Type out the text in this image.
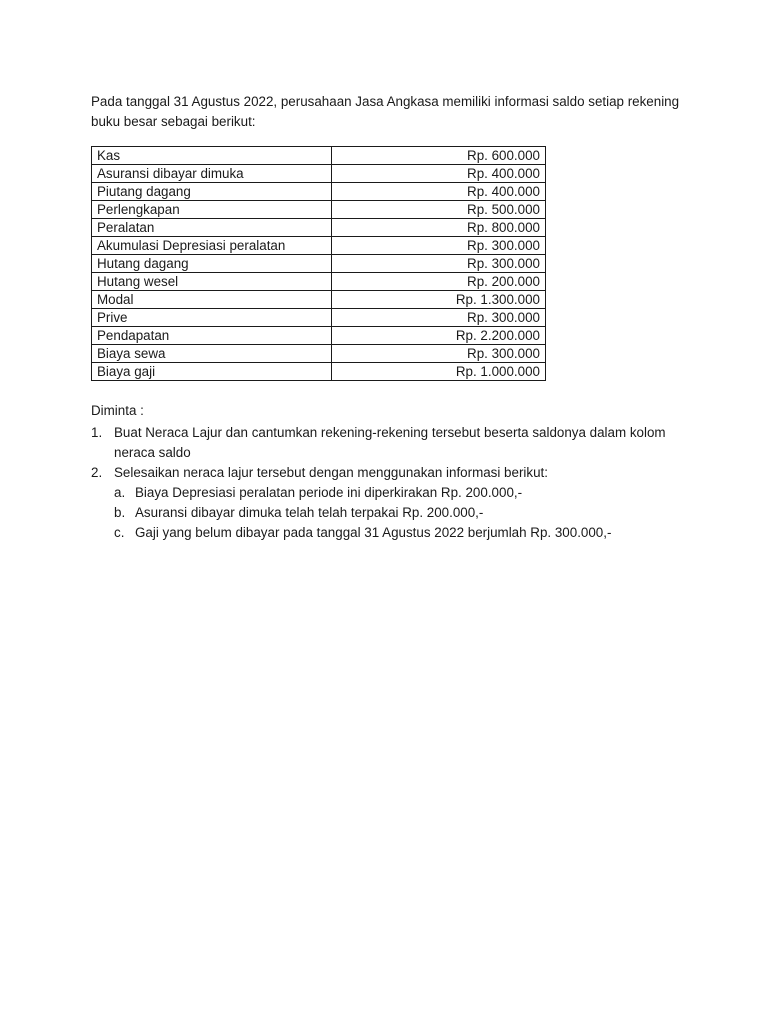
Pada tanggal 31 Agustus 2022, perusahaan Jasa Angkasa memiliki informasi saldo setiap rekening buku besar sebagai berikut:

Kas	Rp. 600.000
Asuransi dibayar dimuka	Rp. 400.000
Piutang dagang	Rp. 400.000
Perlengkapan	Rp. 500.000
Peralatan	Rp. 800.000
Akumulasi Depresiasi peralatan	Rp. 300.000
Hutang dagang	Rp. 300.000
Hutang wesel	Rp. 200.000
Modal	Rp. 1.300.000
Prive	Rp. 300.000
Pendapatan	Rp. 2.200.000
Biaya sewa	Rp. 300.000
Biaya gaji	Rp. 1.000.000

Diminta :

1. Buat Neraca Lajur dan cantumkan rekening-rekening tersebut beserta saldonya dalam kolom neraca saldo
2. Selesaikan neraca lajur tersebut dengan menggunakan informasi berikut:
a. Biaya Depresiasi peralatan periode ini diperkirakan Rp. 200.000,-
b. Asuransi dibayar dimuka telah telah terpakai Rp. 200.000,-
c. Gaji yang belum dibayar pada tanggal 31 Agustus 2022 berjumlah Rp. 300.000,-
